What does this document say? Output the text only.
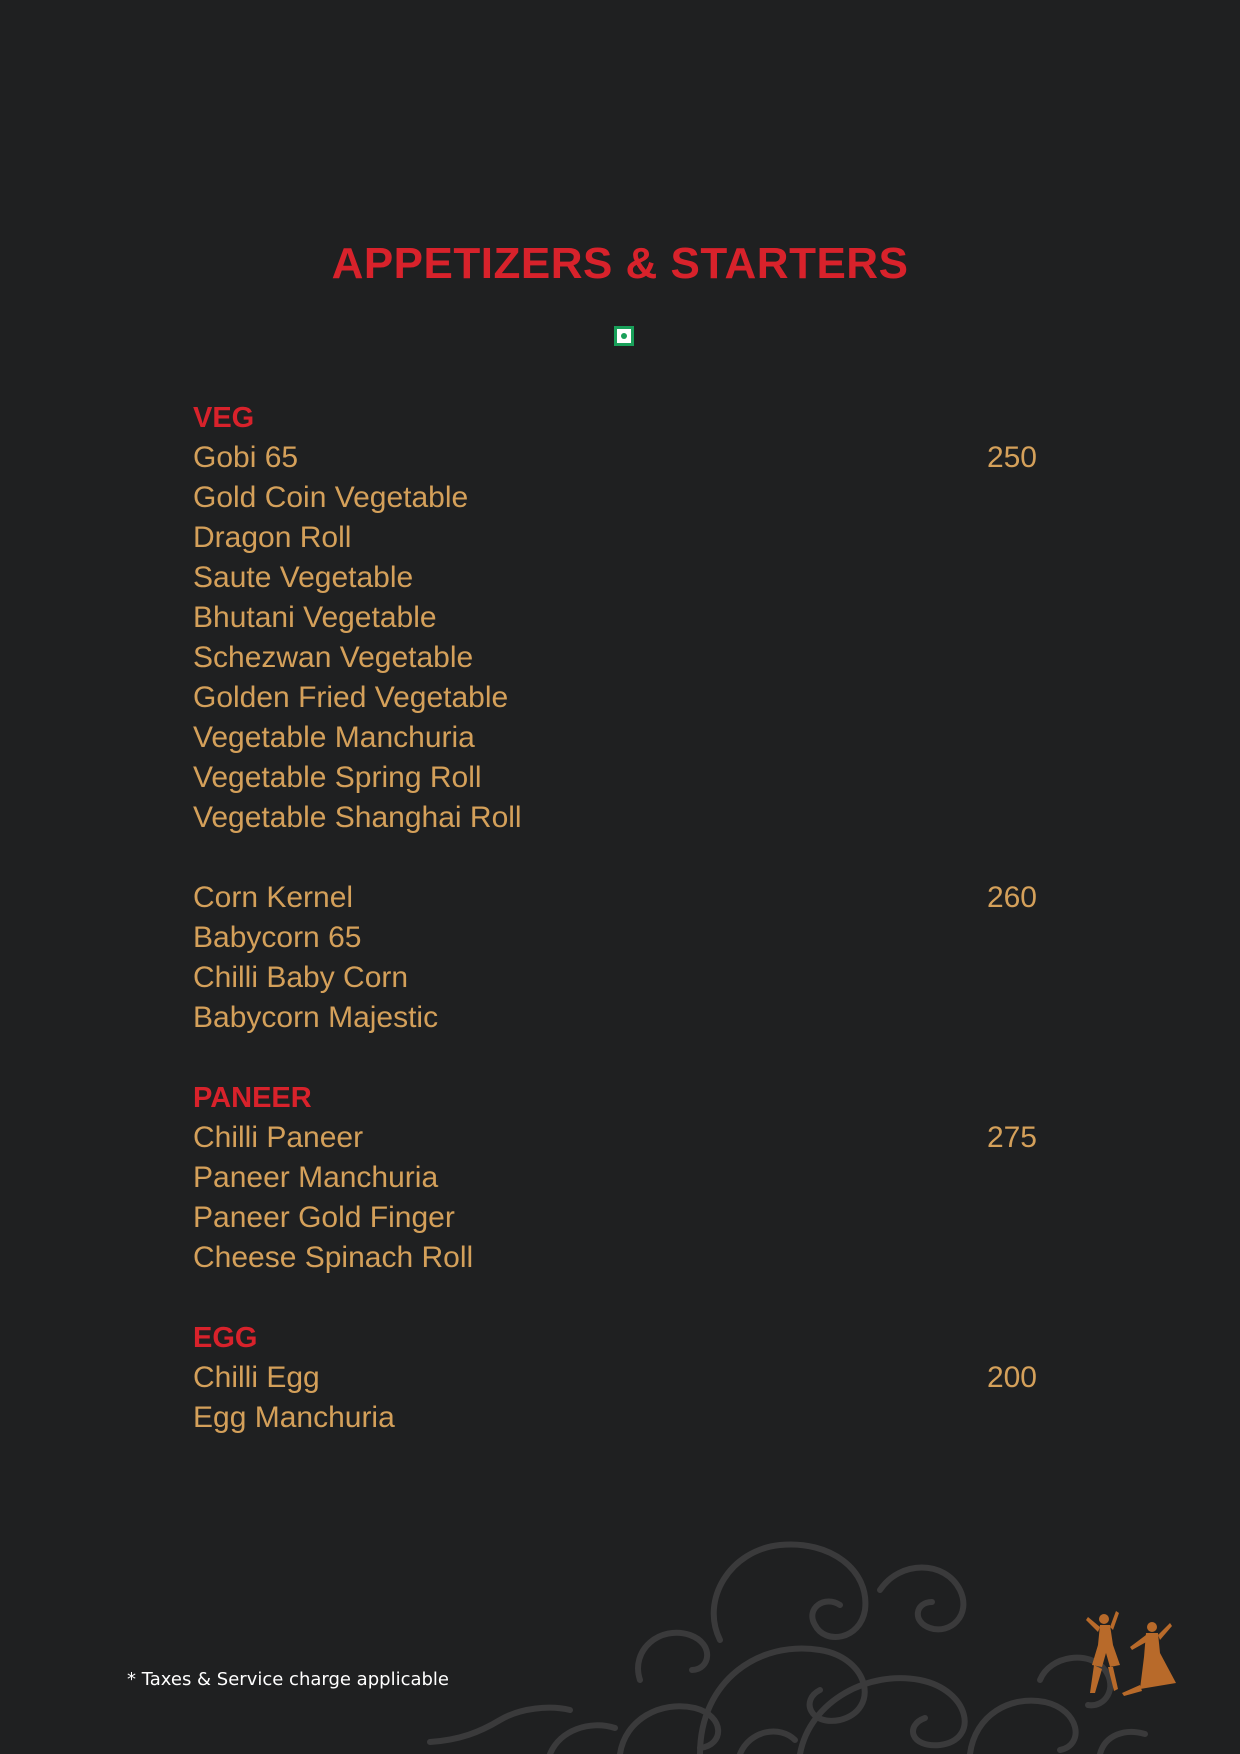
APPETIZERS & STARTERS
VEG
250
Gobi 65
Gold Coin Vegetable
Dragon Roll
Saute Vegetable
Bhutani Vegetable
Schezwan Vegetable
Golden Fried Vegetable
Vegetable Manchuria
Vegetable Spring Roll
Vegetable Shanghai Roll
260
Corn Kernel
Babycorn 65
Chilli Baby Corn
Babycorn Majestic
PANEER
275
Chilli Paneer
Paneer Manchuria
Paneer Gold Finger
Cheese Spinach Roll
EGG
200
Chilli Egg
Egg Manchuria
* Taxes & Service charge applicable
